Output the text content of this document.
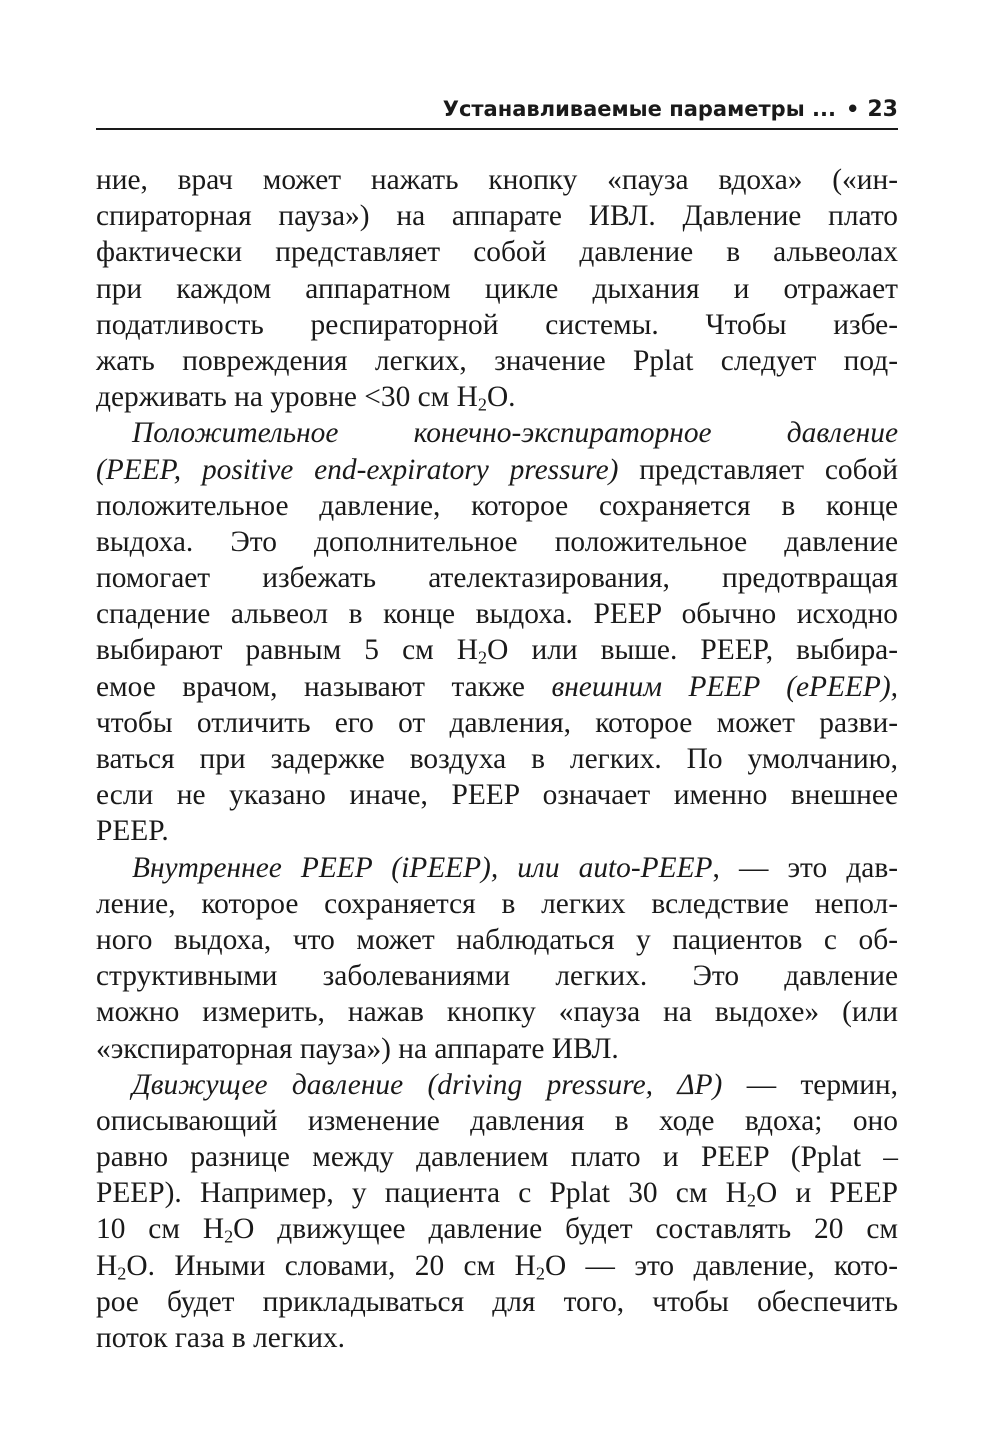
Устанавливаемые параметры ... • 23
ние, врач может нажать кнопку «пауза вдоха» («ин-
спираторная пауза») на аппарате ИВЛ. Давление плато
фактически представляет собой давление в альвеолах
при каждом аппаратном цикле дыхания и отражает
податливость респираторной системы. Чтобы избе-
жать повреждения легких, значение Pplat следует под-
держивать на уровне <30 см $H_2O$.
Положительное конечно-экспираторное давление
(PEEP, positive end-expiratory pressure) представляет собой
положительное давление, которое сохраняется в конце
выдоха. Это дополнительное положительное давление
помогает избежать ателектазирования, предотвращая
спадение альвеол в конце выдоха. PEEP обычно исходно
выбирают равным 5 см $H_2O$ или выше. PEEP, выбира-
емое врачом, называют также внешним PEEP (ePEEP),
чтобы отличить его от давления, которое может разви-
ваться при задержке воздуха в легких. По умолчанию,
если не указано иначе, PEEP означает именно внешнее
PEEP.
Внутреннее PEEP (iPEEP), или auto-PEEP, — это дав-
ление, которое сохраняется в легких вследствие непол-
ного выдоха, что может наблюдаться у пациентов с об-
структивными заболеваниями легких. Это давление
можно измерить, нажав кнопку «пауза на выдохе» (или
«экспираторная пауза») на аппарате ИВЛ.
Движущее давление (driving pressure, ΔP) — термин,
описывающий изменение давления в ходе вдоха; оно
равно разнице между давлением плато и PEEP (Pplat –
PEEP). Например, у пациента с Pplat 30 см $H_2O$ и PEEP
10 см $H_2O$ движущее давление будет составлять 20 см
$H_2O$. Иными словами, 20 см $H_2O$ — это давление, кото-
рое будет прикладываться для того, чтобы обеспечить
поток газа в легких.
